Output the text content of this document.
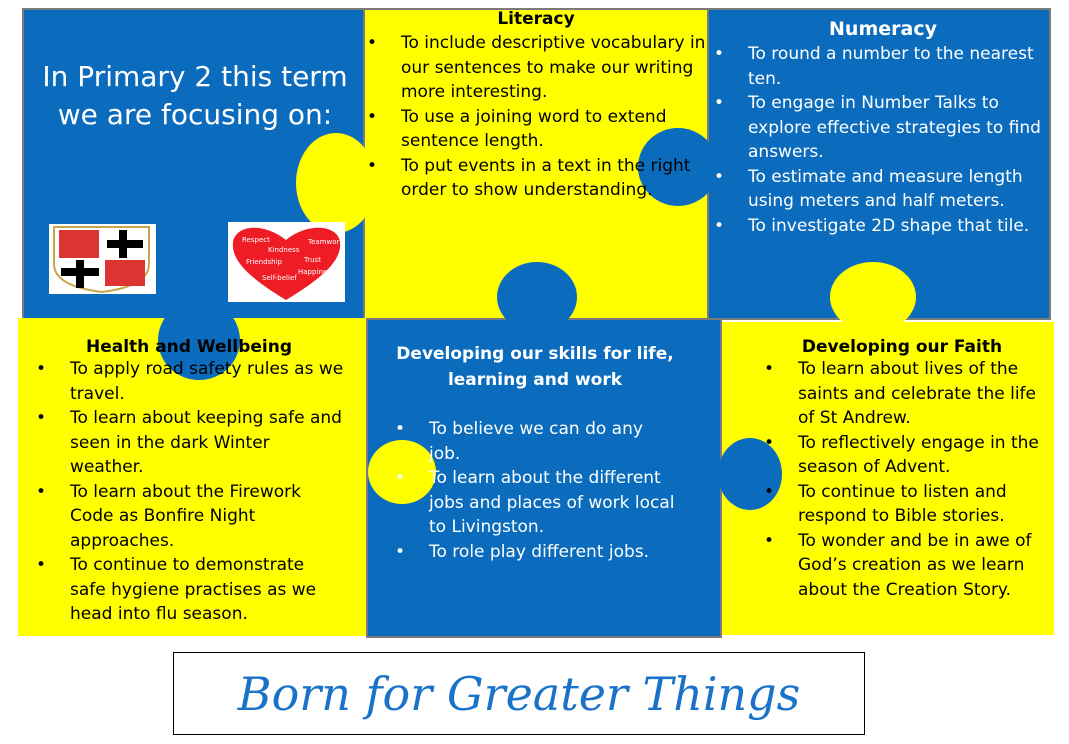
In Primary 2 this term we are focusing on:
Respect
Kindness
Teamwork
Friendship	Trust
Happiness
Self-belief
Literacy
• To include descriptive vocabulary in our sentences to make our writing more interesting.
• To use a joining word to extend sentence length.
• To put events in a text in the right order to show understanding.
Numeracy
• To round a number to the nearest ten.
• To engage in Number Talks to explore effective strategies to find answers.
• To estimate and measure length using meters and half meters.
• To investigate 2D shape that tile.
Health and Wellbeing
• To apply road safety rules as we travel.
• To learn about keeping safe and seen in the dark Winter weather.
• To learn about the Firework Code as Bonfire Night approaches.
• To continue to demonstrate safe hygiene practises as we head into flu season.
Developing our skills for life, learning and work
• To believe we can do any job.
• To learn about the different jobs and places of work local to Livingston.
• To role play different jobs.
Developing our Faith
• To learn about lives of the saints and celebrate the life of St Andrew.
• To reflectively engage in the season of Advent.
• To continue to listen and respond to Bible stories.
• To wonder and be in awe of God’s creation as we learn about the Creation Story.
Born for Greater Things
